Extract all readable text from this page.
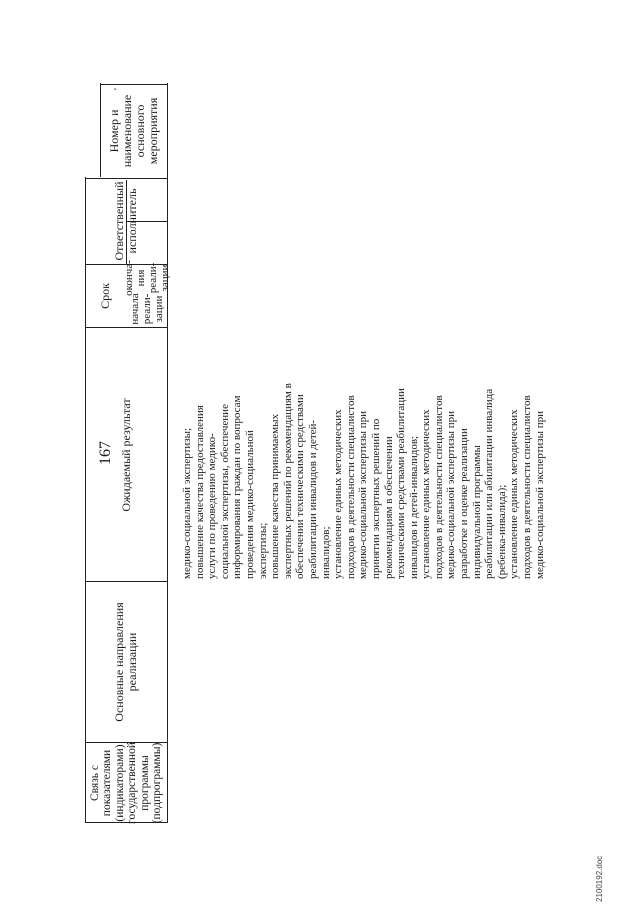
167
'
2100192.doc
Номер и наименование основного мероприятия
Ответственный исполнитель
Срок	начала реали-зации
оконча-ния реали-зации
Ожидаемый результат
Основные направления реализации
Связь с показателями (индикаторами) государственной программы (подпрограммы)
медико-социальной экспертизы; повышение качества предоставления услуги по проведению медико- социальной экспертизы, обеспечение информирования граждан по вопросам проведения медико-социальной экспертизы; повышение качества принимаемых экспертных решений по рекомендациям в обеспечении техническими средствами реабилитации инвалидов и детей- инвалидов; установление единых методических подходов в деятельности специалистов медико-социальной экспертизы при принятии экспертных решений по рекомендациям в обеспечении техническими средствами реабилитации инвалидов и детей-инвалидов; установление единых методических подходов в деятельности специалистов медико-социальной экспертизы при разработке и оценке реализации индивидуальной программы реабилитации или абилитации инвалида (ребенка-инвалида); установление единых методических подходов в деятельности специалистов медико-социальной экспертизы при
